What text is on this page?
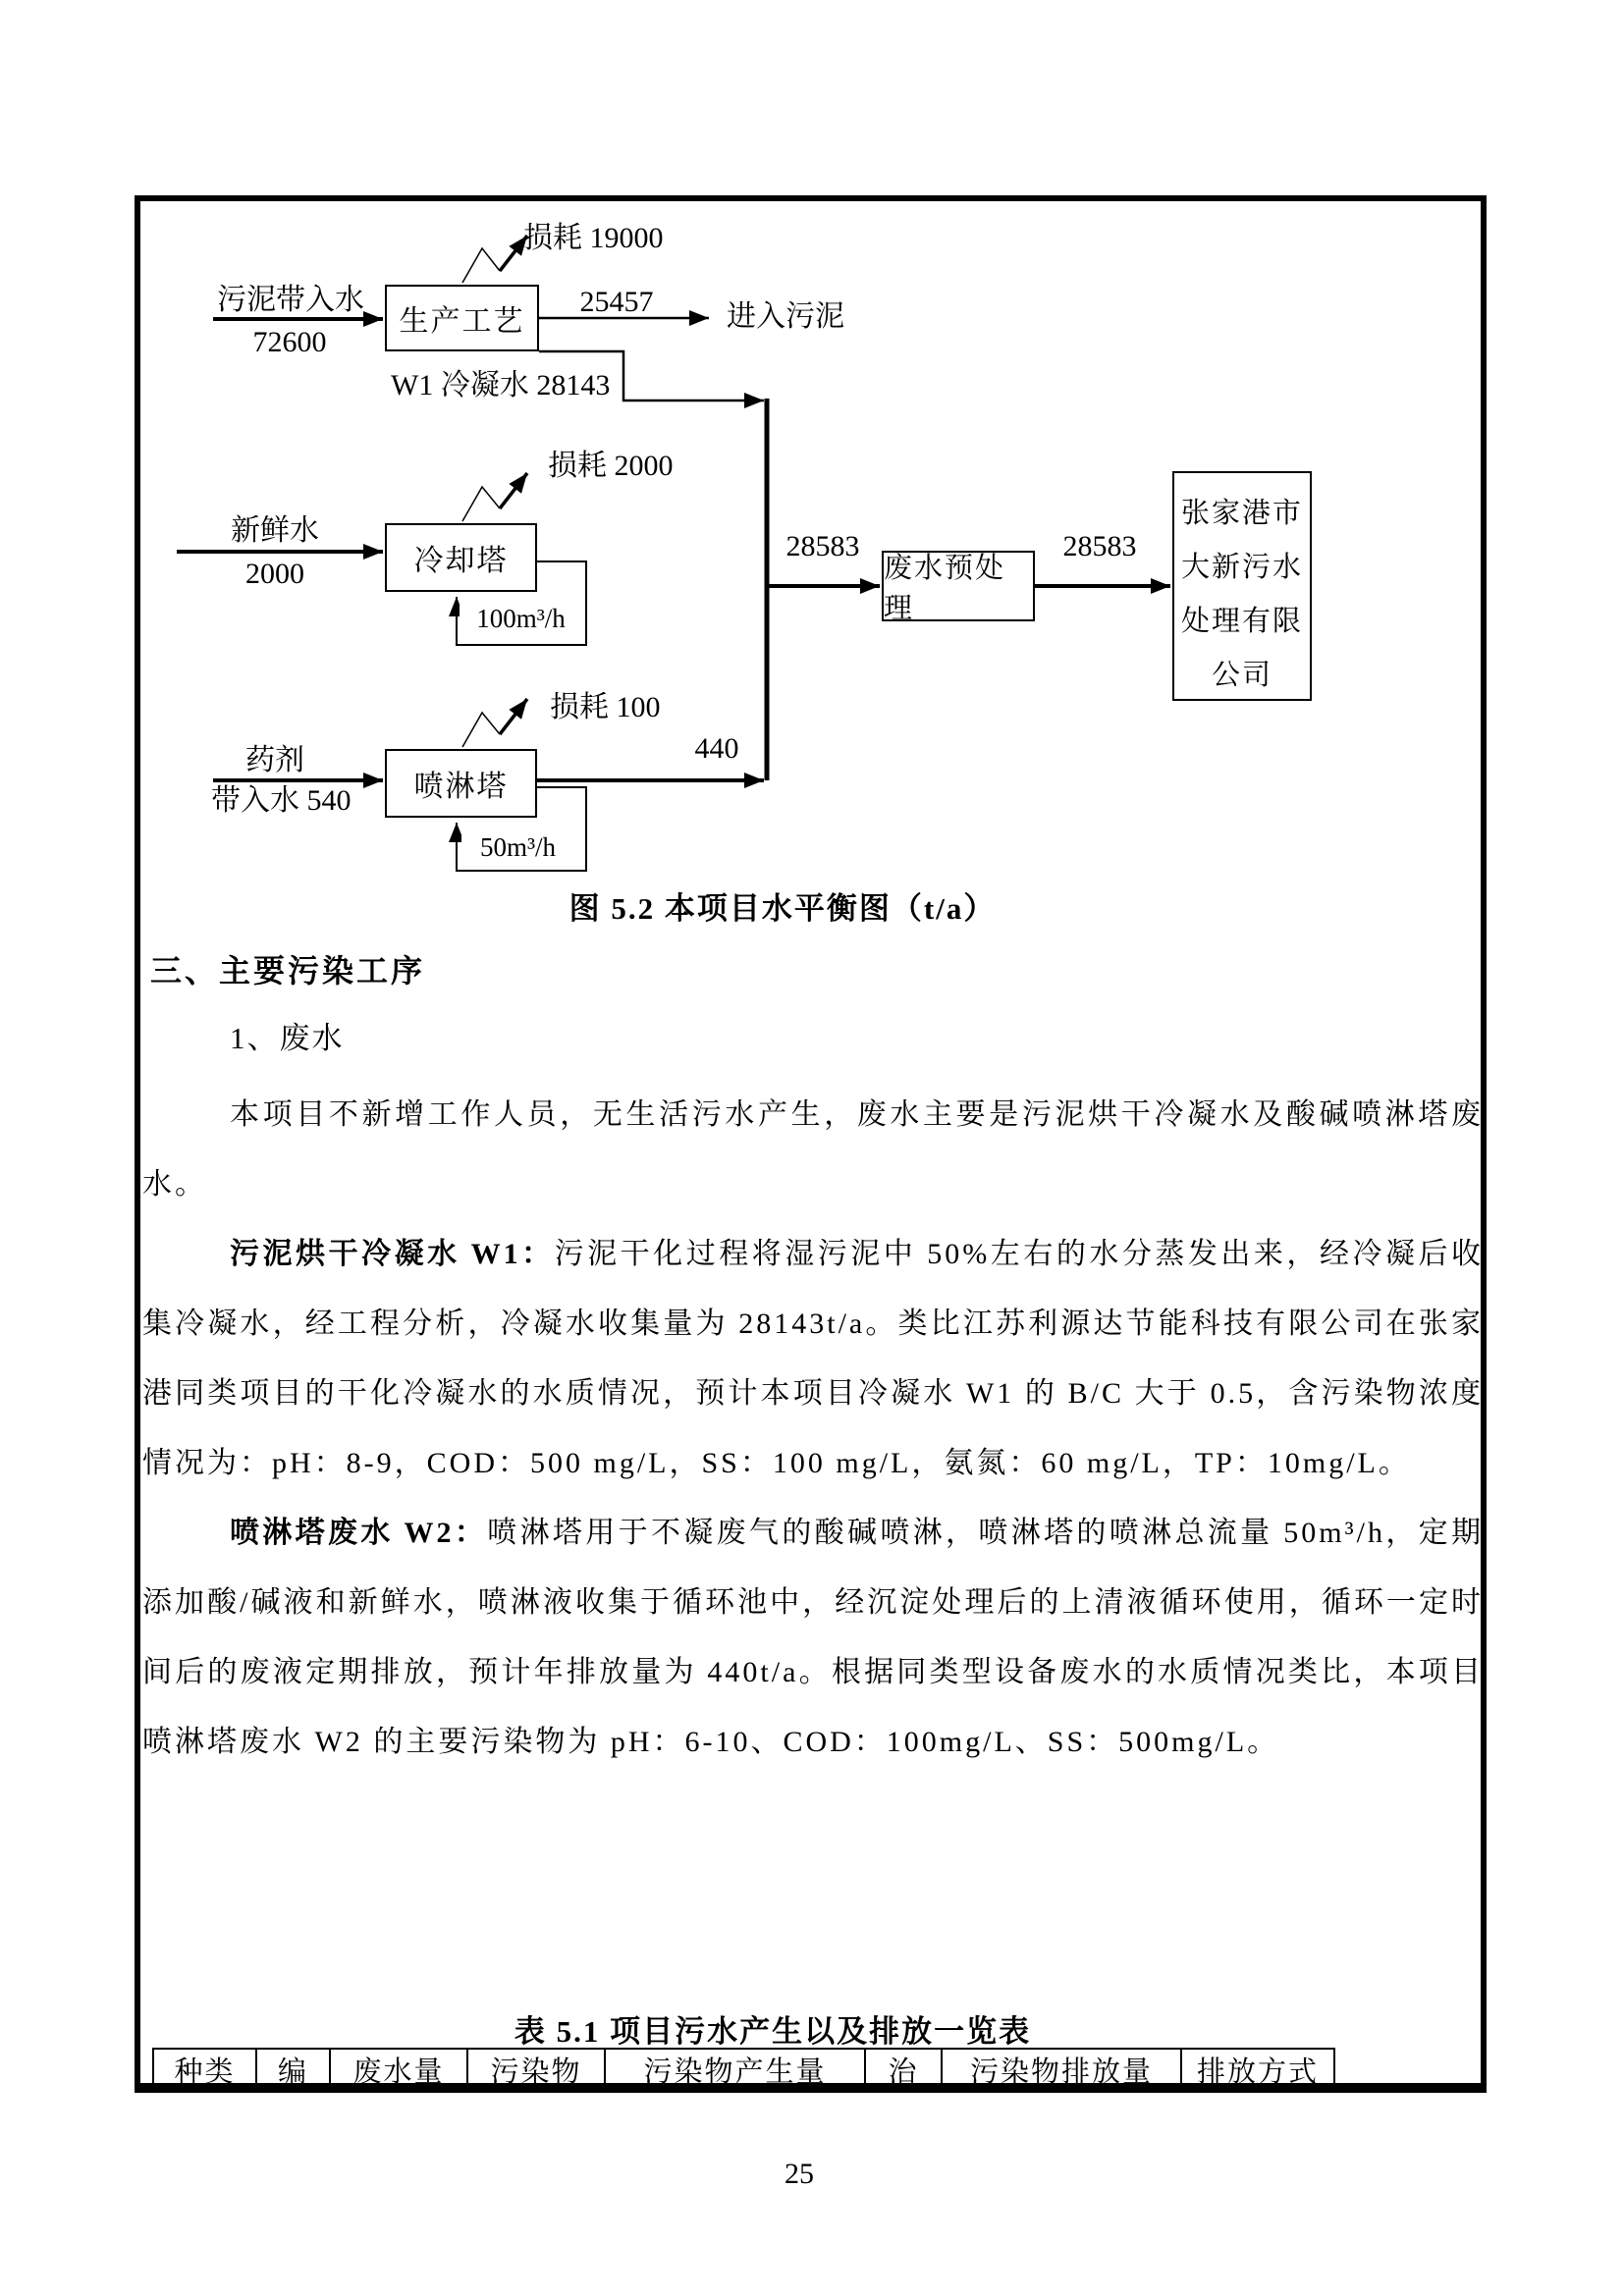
生产工艺
冷却塔
喷淋塔
废水预处理
张家港市
大新污水
处理有限
公司
污泥带入水
72600
损耗 19000
25457 进入污泥
W1 冷凝水 28143
新鲜水
2000
损耗 2000
100m³/h
药剂
带入水 540
损耗 100
440
50m³/h
28583	28583
图 5.2 本项目水平衡图（t/a）
三、主要污染工序
1、废水

本项目不新增工作人员，无生活污水产生，废水主要是污泥烘干冷凝水及酸碱喷淋塔废水。

污泥烘干冷凝水 W1：污泥干化过程将湿污泥中 50%左右的水分蒸发出来，经冷凝后收集冷凝水，经工程分析，冷凝水收集量为 28143t/a。类比江苏利源达节能科技有限公司在张家港同类项目的干化冷凝水的水质情况，预计本项目冷凝水 W1 的 B/C 大于 0.5，含污染物浓度情况为：pH：8-9，COD：500 mg/L，SS：100 mg/L，氨氮：60 mg/L，TP：10mg/L。

喷淋塔废水 W2：喷淋塔用于不凝废气的酸碱喷淋，喷淋塔的喷淋总流量 50m³/h，定期添加酸/碱液和新鲜水，喷淋液收集于循环池中，经沉淀处理后的上清液循环使用，循环一定时间后的废液定期排放，预计年排放量为 440t/a。根据同类型设备废水的水质情况类比，本项目喷淋塔废水 W2 的主要污染物为 pH：6-10、COD：100mg/L、SS：500mg/L。

表 5.1 项目污水产生以及排放一览表
种类	编	废水量	污染物	污染物产生量	治	污染物排放量	排放方式
25
